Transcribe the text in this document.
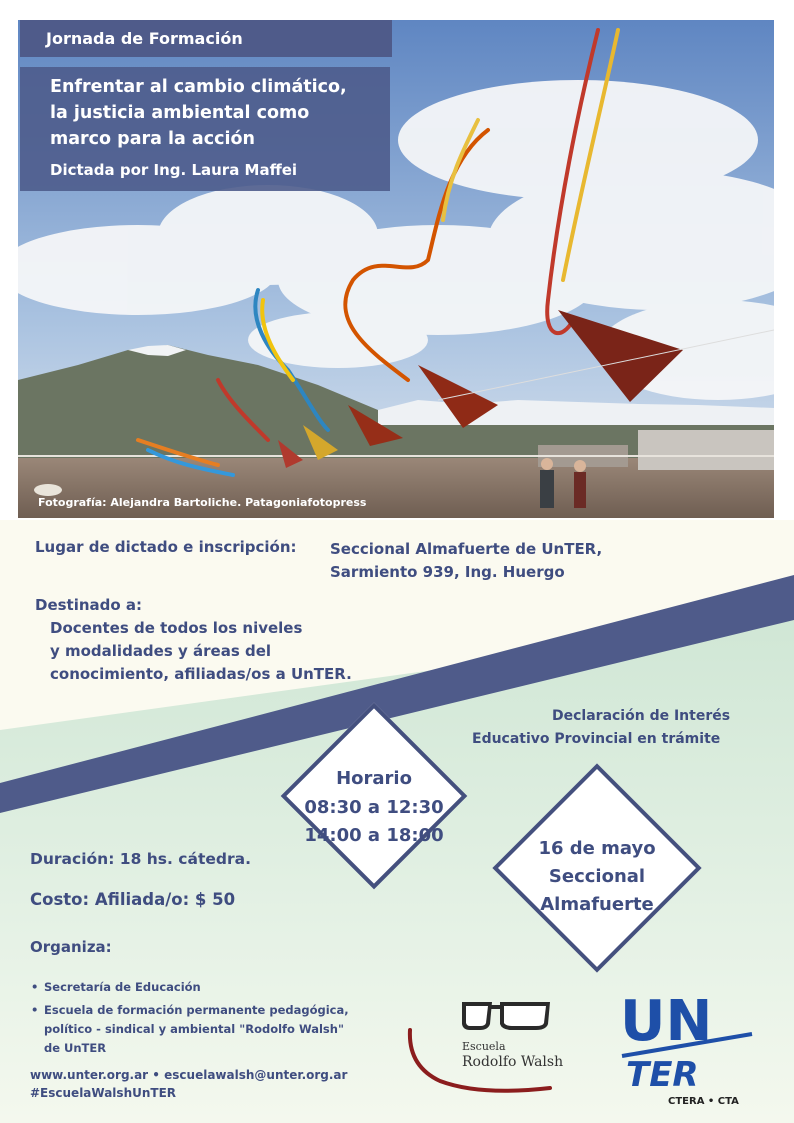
Jornada de Formación
Enfrentar al cambio climático,
la justicia ambiental como
marco para la acción
Dictada por Ing. Laura Maffei
Fotografía: Alejandra Bartoliche. Patagoniafotopress
Lugar de dictado e inscripción: Seccional Almafuerte de UnTER,
Sarmiento 939, Ing. Huergo
Destinado a:
Docentes de todos los niveles
y modalidades y áreas del
conocimiento, afiliadas/os a UnTER.
Declaración de Interés
Educativo Provincial en trámite
Horario
08:30 a 12:30
14:00 a 18:00
16 de mayo
Seccional
Almafuerte
Duración: 18 hs. cátedra.
Costo: Afiliada/o: $ 50
Organiza:
• Secretaría de Educación
• Escuela de formación permanente pedagógica,
político - sindical y ambiental "Rodolfo Walsh"
de UnTER
www.unter.org.ar • escuelawalsh@unter.org.ar
#EscuelaWalshUnTER
Escuela
Rodolfo Walsh
UN
TER
CTERA • CTA
